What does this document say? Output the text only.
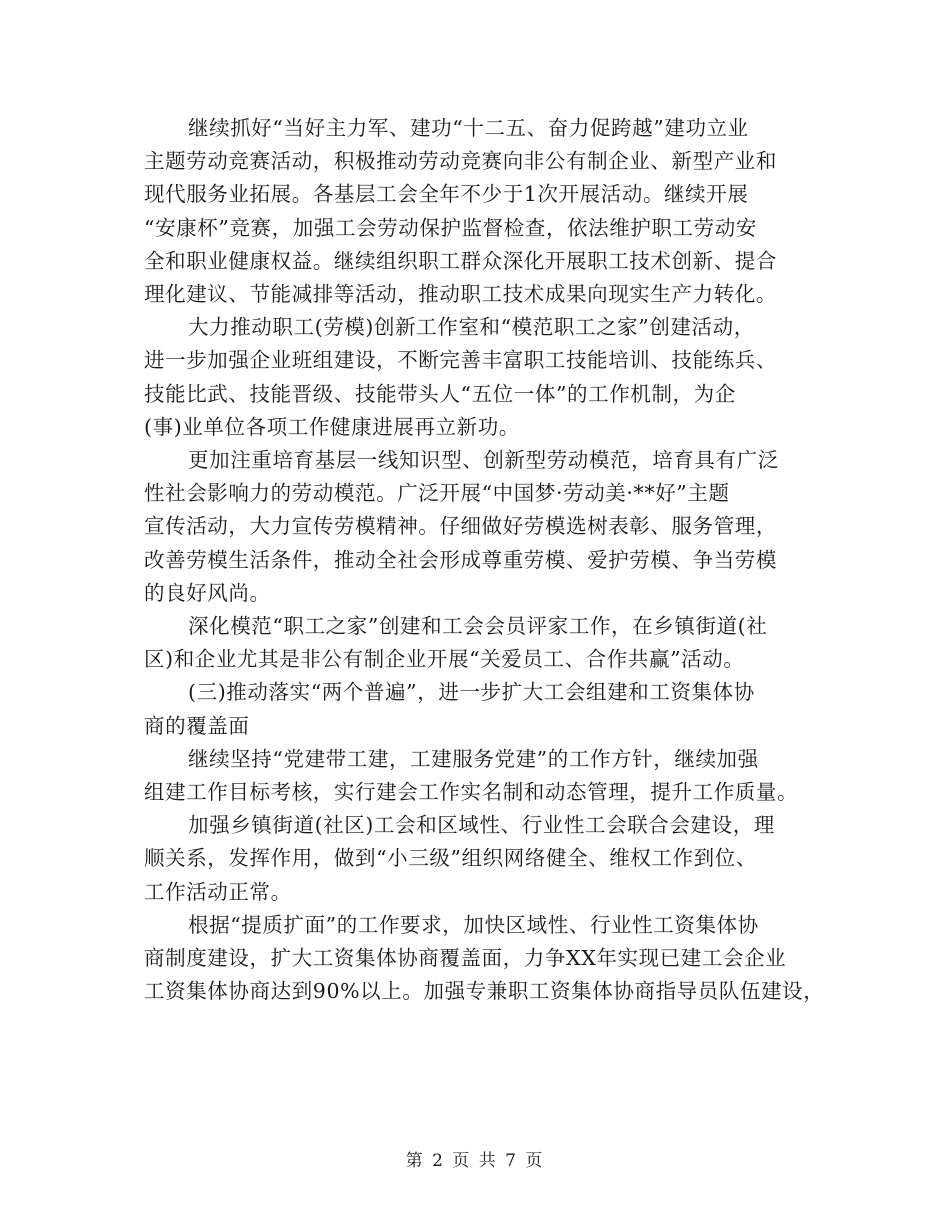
继续抓好“当好主力军、建功“十二五、奋力促跨越”建功立业

主题劳动竞赛活动，积极推动劳动竞赛向非公有制企业、新型产业和

现代服务业拓展。各基层工会全年不少于1次开展活动。继续开展

“安康杯”竞赛，加强工会劳动保护监督检查，依法维护职工劳动安

全和职业健康权益。继续组织职工群众深化开展职工技术创新、提合

理化建议、节能减排等活动，推动职工技术成果向现实生产力转化。

大力推动职工(劳模)创新工作室和“模范职工之家”创建活动，

进一步加强企业班组建设，不断完善丰富职工技能培训、技能练兵、

技能比武、技能晋级、技能带头人“五位一体”的工作机制，为企

(事)业单位各项工作健康进展再立新功。

更加注重培育基层一线知识型、创新型劳动模范，培育具有广泛

性社会影响力的劳动模范。广泛开展“中国梦·劳动美·**好”主题

宣传活动，大力宣传劳模精神。仔细做好劳模选树表彰、服务管理，

改善劳模生活条件，推动全社会形成尊重劳模、爱护劳模、争当劳模

的良好风尚。

深化模范“职工之家”创建和工会会员评家工作，在乡镇街道(社

区)和企业尤其是非公有制企业开展“关爱员工、合作共赢”活动。

(三)推动落实“两个普遍”，进一步扩大工会组建和工资集体协

商的覆盖面

继续坚持“党建带工建，工建服务党建”的工作方针，继续加强

组建工作目标考核，实行建会工作实名制和动态管理，提升工作质量。

加强乡镇街道(社区)工会和区域性、行业性工会联合会建设，理

顺关系，发挥作用，做到“小三级”组织网络健全、维权工作到位、

工作活动正常。

根据“提质扩面”的工作要求，加快区域性、行业性工资集体协

商制度建设，扩大工资集体协商覆盖面，力争XX年实现已建工会企业

工资集体协商达到90%以上。加强专兼职工资集体协商指导员队伍建设，

第 2 页 共 7 页
